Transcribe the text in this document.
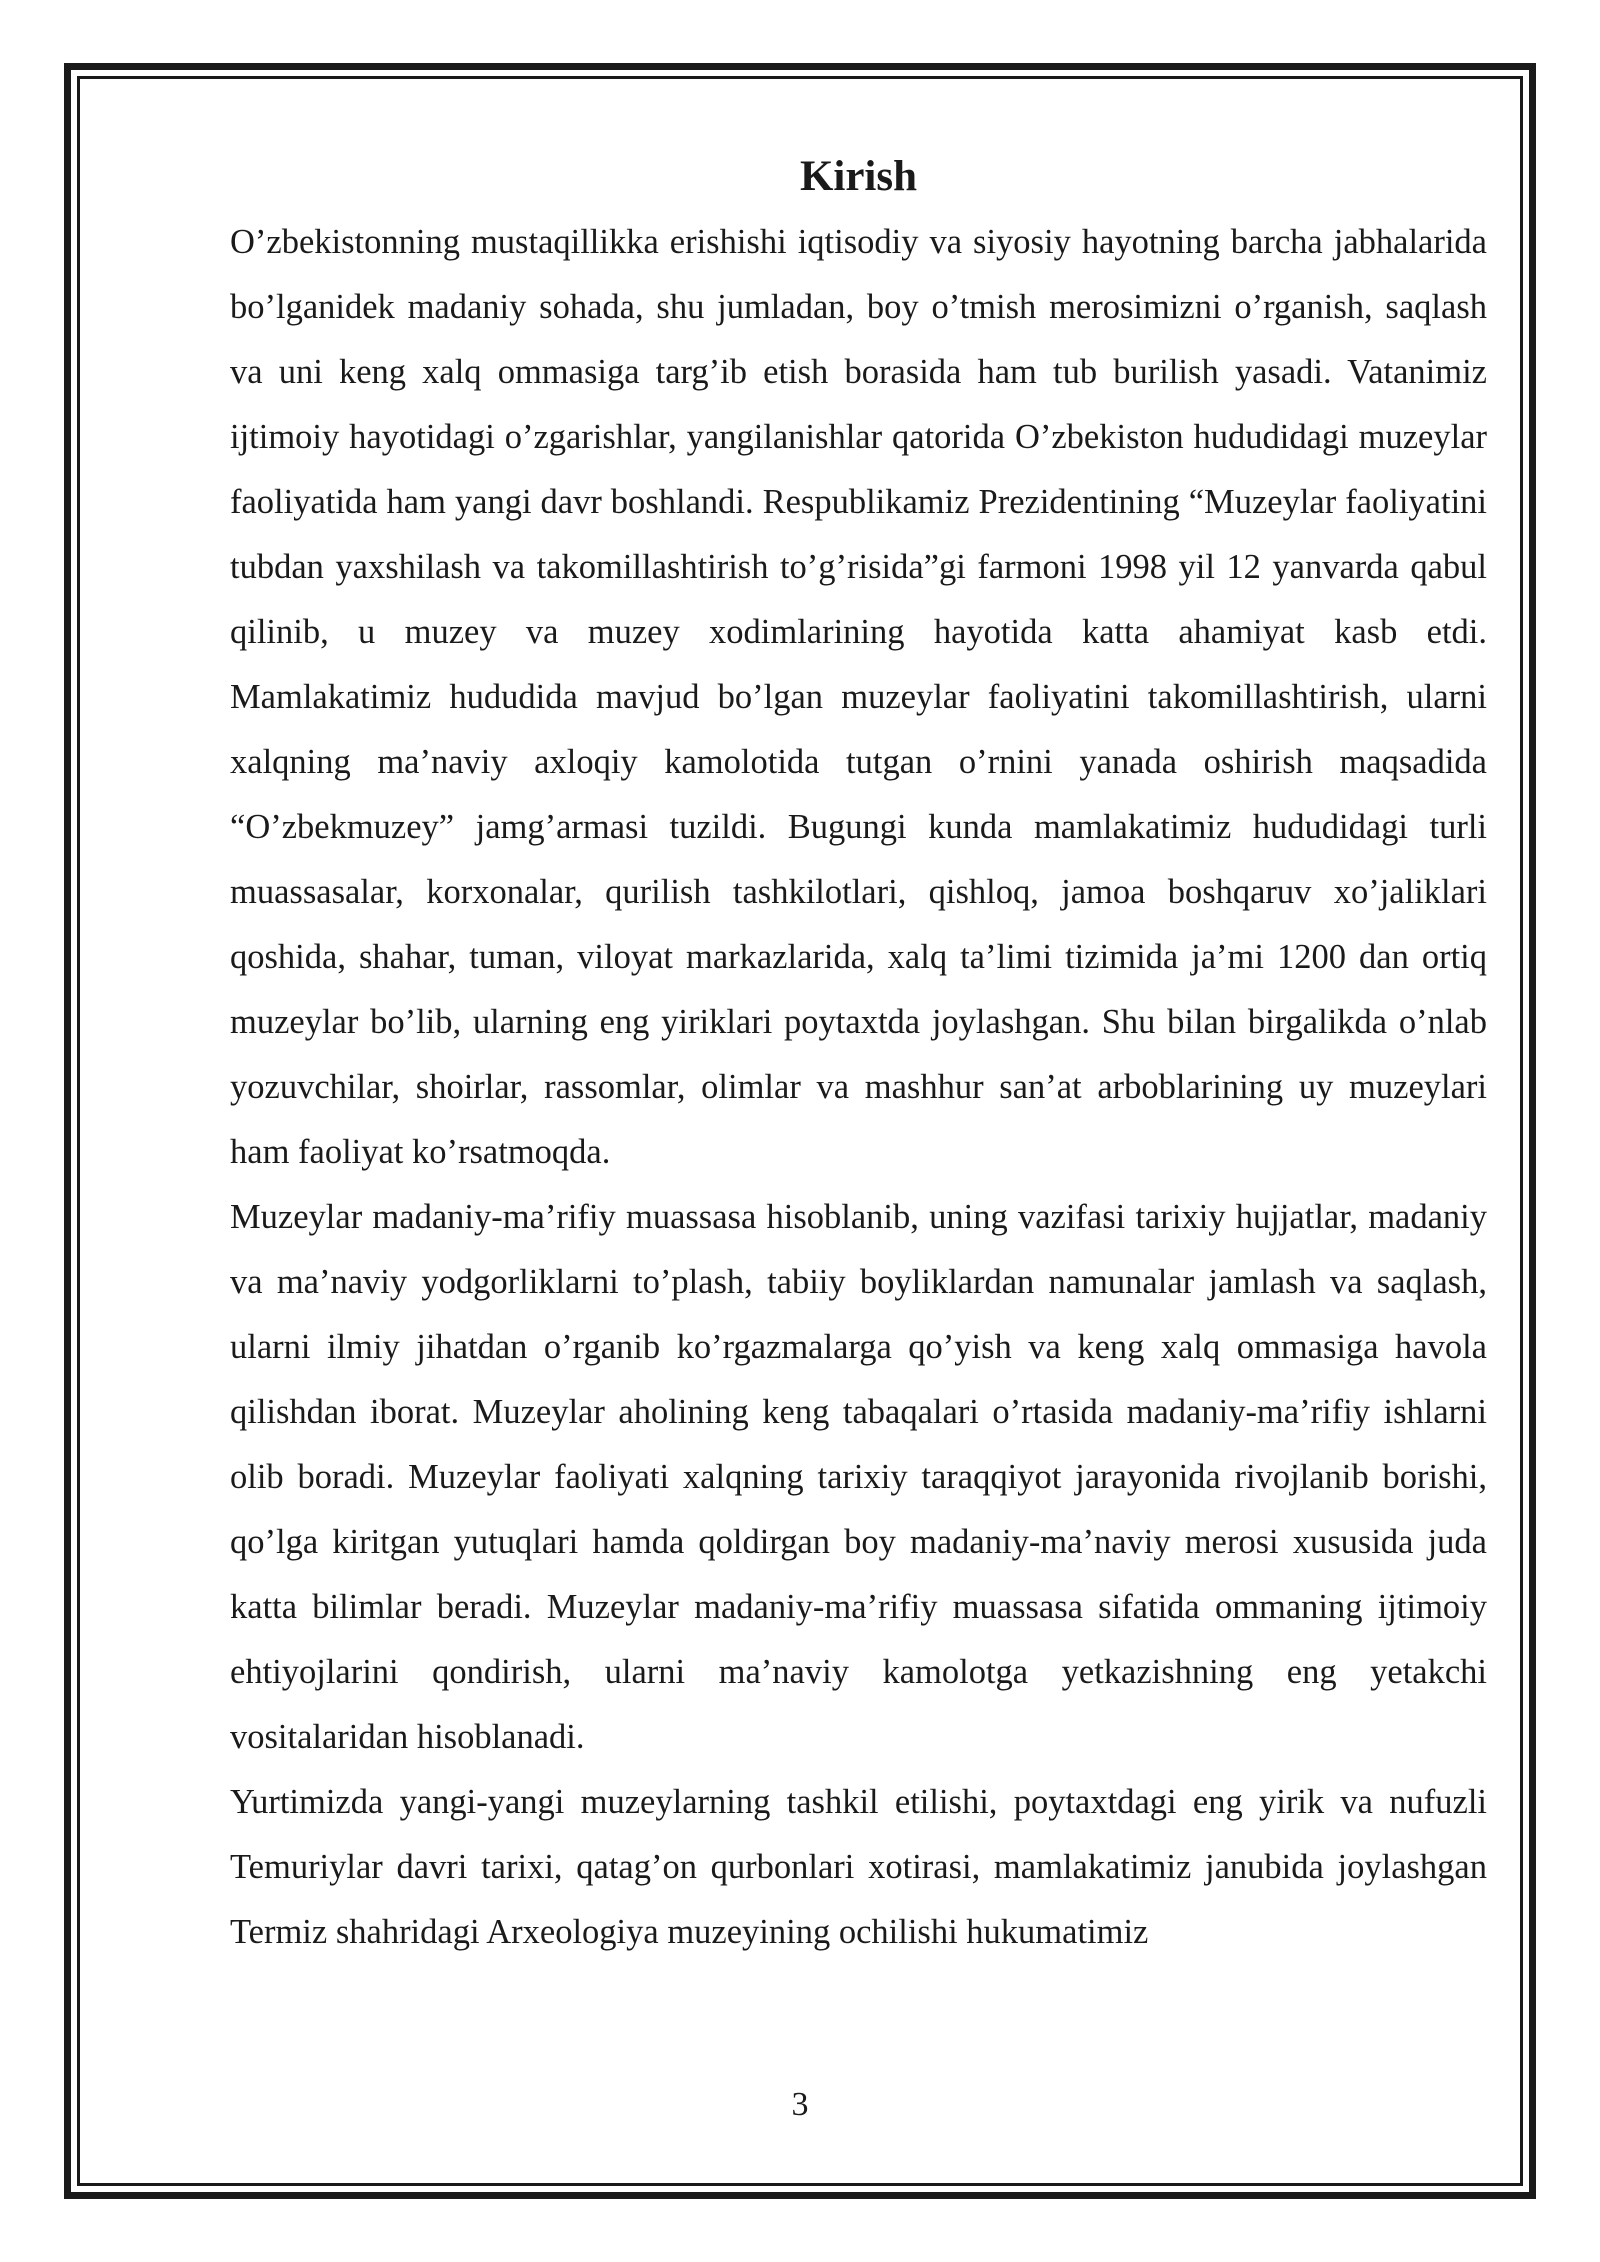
Kirish

O’zbekistonning mustaqillikka erishishi iqtisodiy va siyosiy hayotning barcha jabhalarida bo’lganidek madaniy sohada, shu jumladan, boy o’tmish merosimizni o’rganish, saqlash va uni keng xalq ommasiga targ’ib etish borasida ham tub burilish yasadi. Vatanimiz ijtimoiy hayotidagi o’zgarishlar, yangilanishlar qatorida O’zbekiston hududidagi muzeylar faoliyatida ham yangi davr boshlandi. Respublikamiz Prezidentining “Muzeylar faoliyatini tubdan yaxshilash va takomillashtirish to’g’risida”gi farmoni 1998 yil 12 yanvarda qabul qilinib, u muzey va muzey xodimlarining hayotida katta ahamiyat kasb etdi. Mamlakatimiz hududida mavjud bo’lgan muzeylar faoliyatini takomillashtirish, ularni xalqning ma’naviy axloqiy kamolotida tutgan o’rnini yanada oshirish maqsadida “O’zbekmuzey” jamg’armasi tuzildi. Bugungi kunda mamlakatimiz hududidagi turli muassasalar, korxonalar, qurilish tashkilotlari, qishloq, jamoa boshqaruv xo’jaliklari qoshida, shahar, tuman, viloyat markazlarida, xalq ta’limi tizimida ja’mi 1200 dan ortiq muzeylar bo’lib, ularning eng yiriklari poytaxtda joylashgan. Shu bilan birgalikda o’nlab yozuvchilar, shoirlar, rassomlar, olimlar va mashhur san’at arboblarining uy muzeylari ham faoliyat ko’rsatmoqda.

Muzeylar madaniy-ma’rifiy muassasa hisoblanib, uning vazifasi tarixiy hujjatlar, madaniy va ma’naviy yodgorliklarni to’plash, tabiiy boyliklardan namunalar jamlash va saqlash, ularni ilmiy jihatdan o’rganib ko’rgazmalarga qo’yish va keng xalq ommasiga havola qilishdan iborat. Muzeylar aholining keng tabaqalari o’rtasida madaniy-ma’rifiy ishlarni olib boradi. Muzeylar faoliyati xalqning tarixiy taraqqiyot jarayonida rivojlanib borishi, qo’lga kiritgan yutuqlari hamda qoldirgan boy madaniy-ma’naviy merosi xususida juda katta bilimlar beradi. Muzeylar madaniy-ma’rifiy muassasa sifatida ommaning ijtimoiy ehtiyojlarini qondirish, ularni ma’naviy kamolotga yetkazishning eng yetakchi vositalaridan hisoblanadi.

Yurtimizda yangi-yangi muzeylarning tashkil etilishi, poytaxtdagi eng yirik va nufuzli Temuriylar davri tarixi, qatag’on qurbonlari xotirasi, mamlakatimiz janubida joylashgan Termiz shahridagi Arxeologiya muzeyining ochilishi hukumatimiz

3
